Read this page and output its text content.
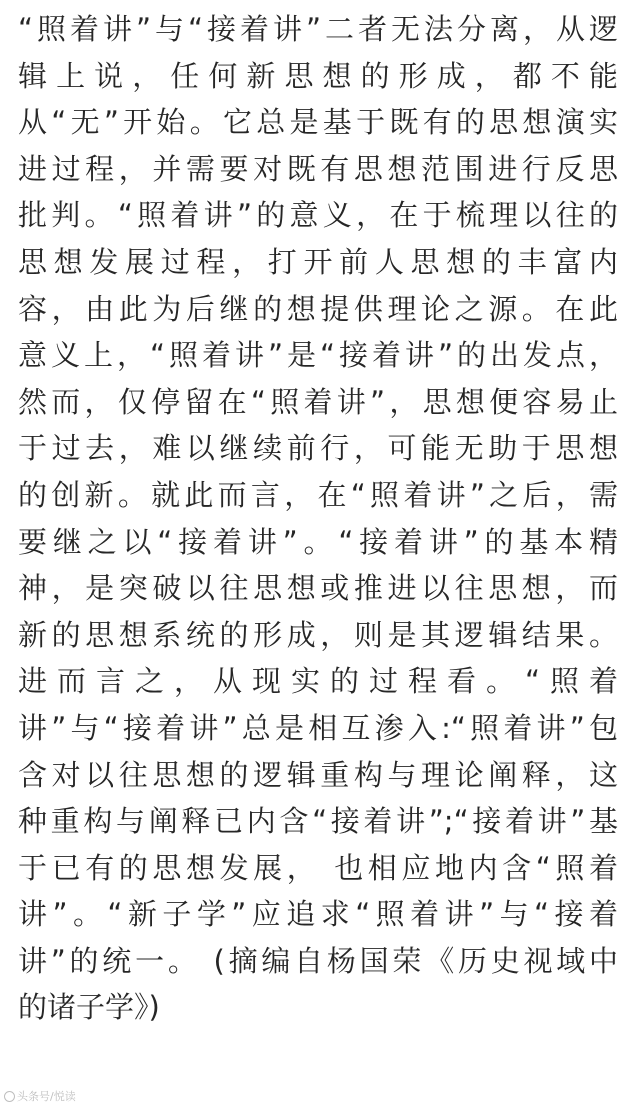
“照着讲”与“接着讲”二者无法分离，从逻
辑上说，任何新思想的形成，都不能
从“无”开始。它总是基于既有的思想演实
进过程，并需要对既有思想范围进行反思
批判。“照着讲”的意义，在于梳理以往的
思想发展过程，打开前人思想的丰富内
容，由此为后继的想提供理论之源。在此
意义上，“照着讲”是“接着讲”的出发点，
然而，仅停留在“照着讲”，思想便容易止
于过去，难以继续前行，可能无助于思想
的创新。就此而言，在“照着讲”之后，需
要继之以“接着讲”。“接着讲”的基本精
神，是突破以往思想或推进以往思想，而
新的思想系统的形成，则是其逻辑结果。
进而言之，从现实的过程看。“照着
讲”与“接着讲”总是相互渗入:“照着讲”包
含对以往思想的逻辑重构与理论阐释，这
种重构与阐释已内含“接着讲”;“接着讲”基
于已有的思想发展， 也相应地内含“照着
讲”。“新子学”应追求“照着讲”与“接着
讲”的统一。 (摘编自杨国荣《历史视域中
的诸子学》)
头条号/悦读
